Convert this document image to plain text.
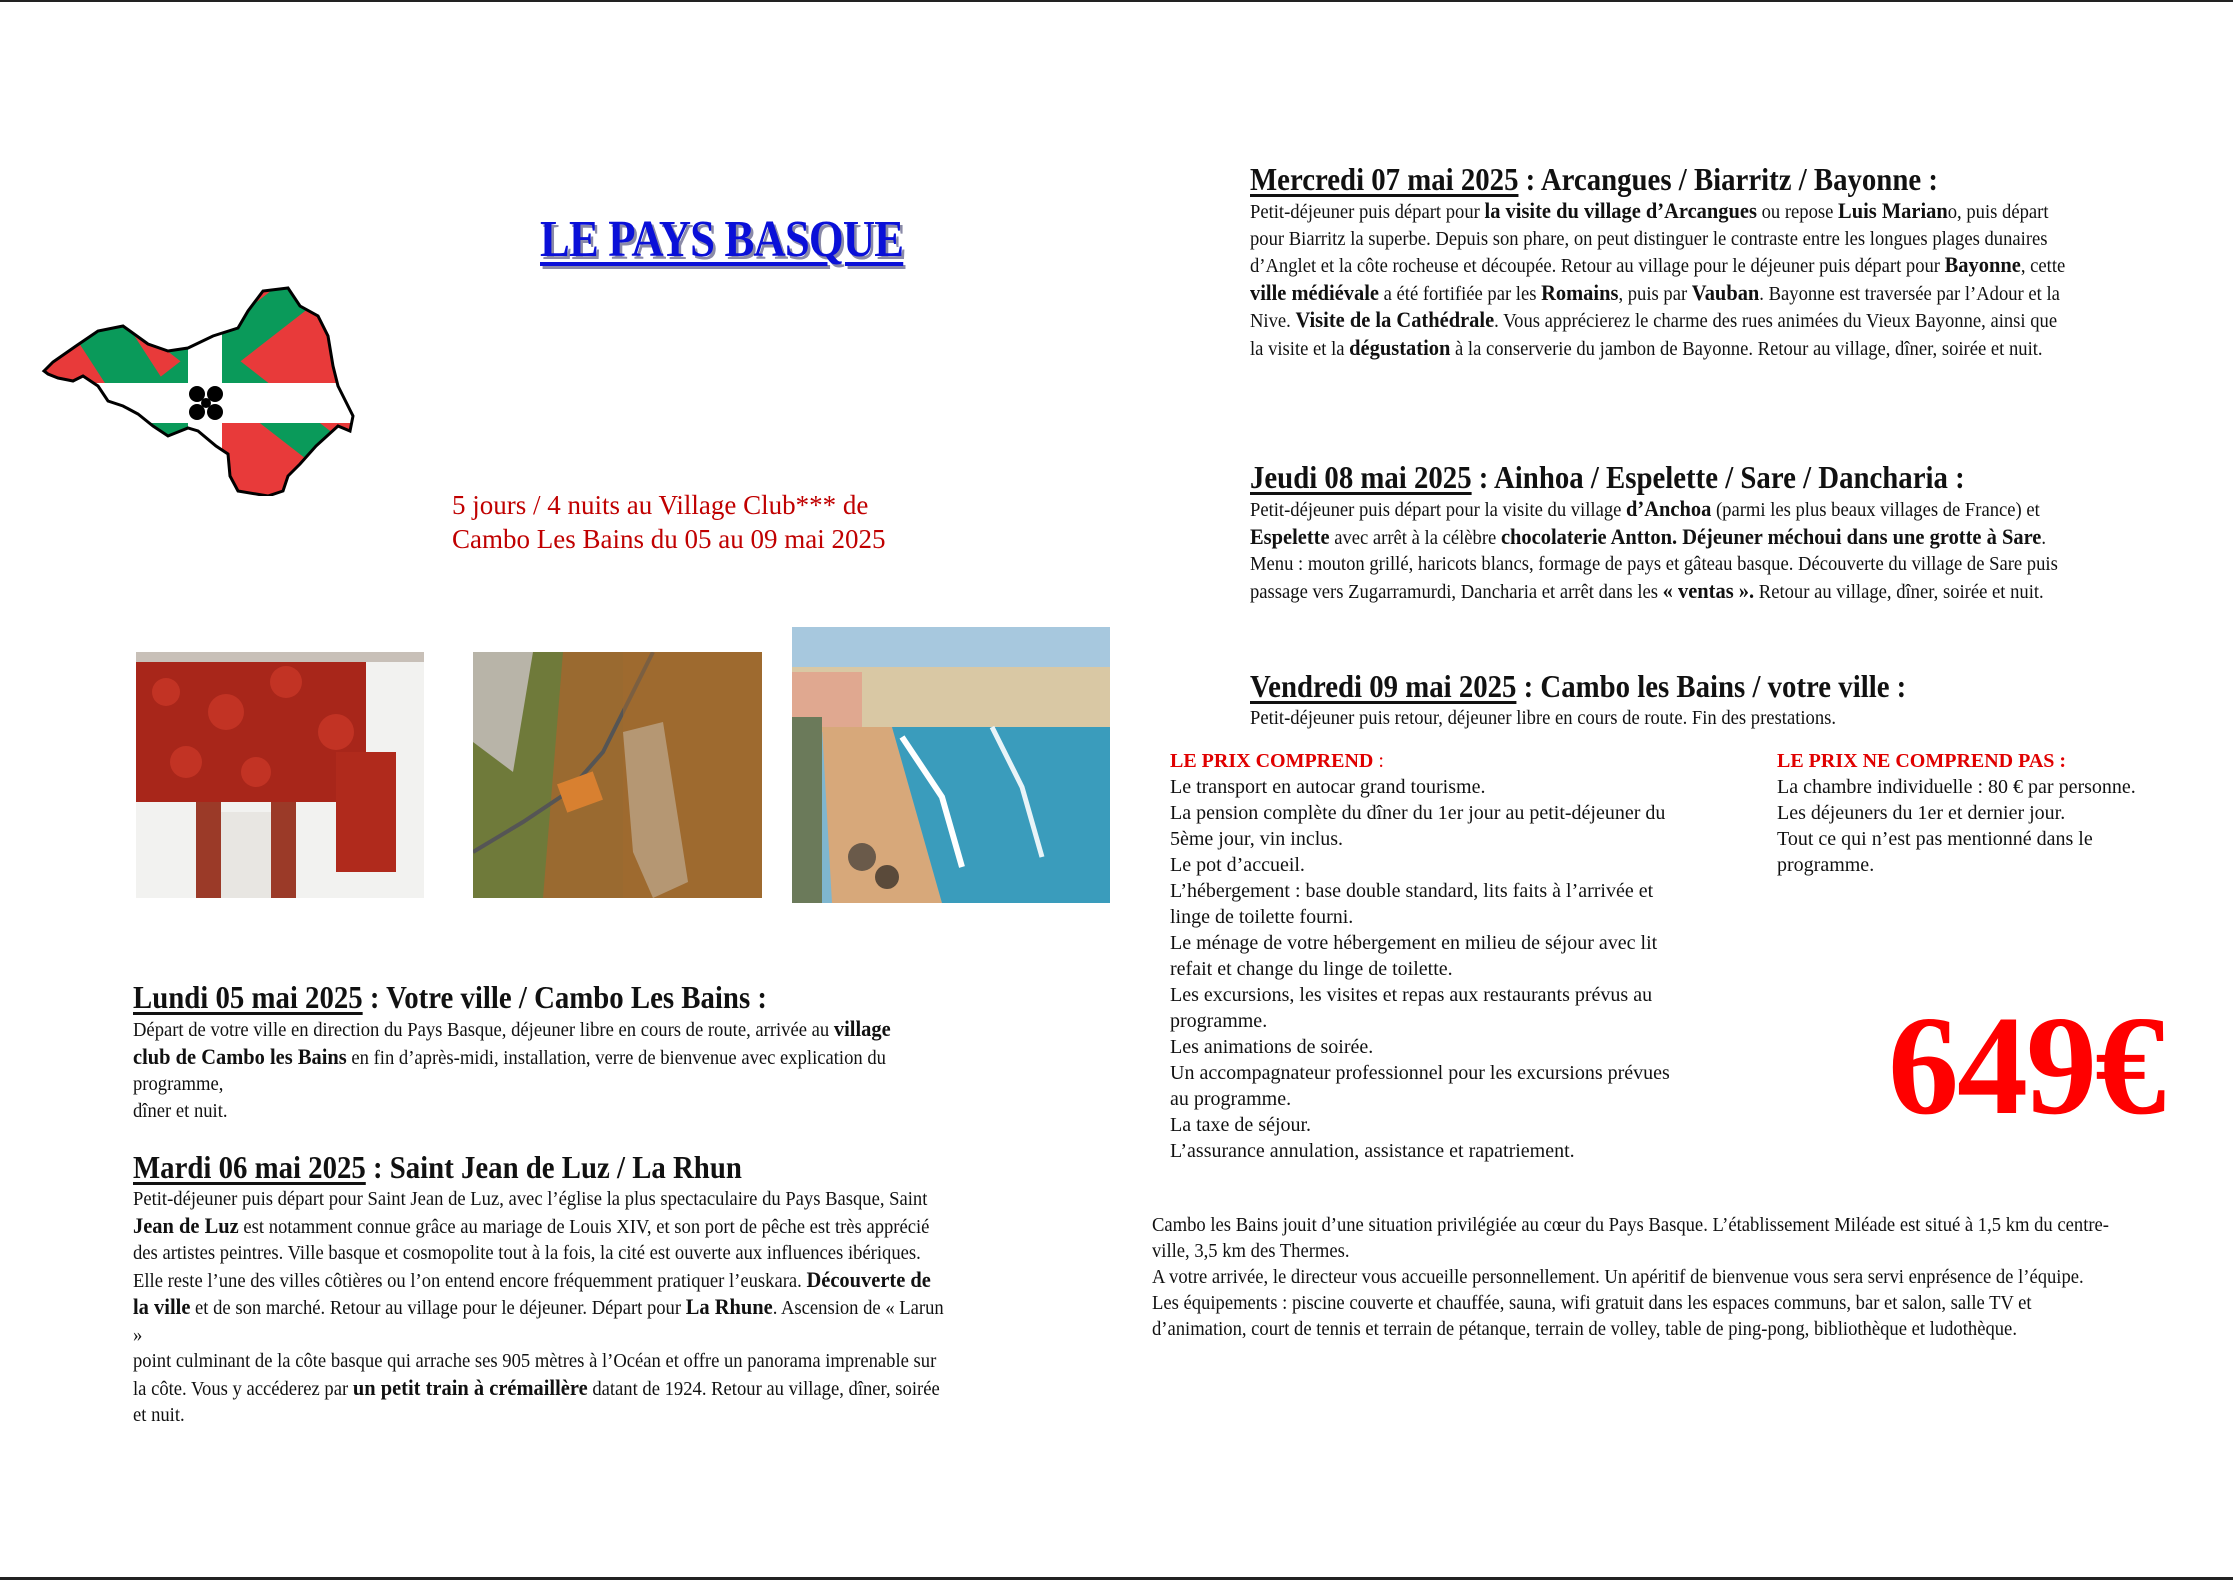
LE PAYS BASQUE
5 jours / 4 nuits au Village Club*** de
Cambo Les Bains du 05 au 09 mai 2025
Lundi 05 mai 2025 : Votre ville / Cambo Les Bains :

Départ de votre ville en direction du Pays Basque, déjeuner libre en cours de route, arrivée au village club de Cambo les Bains en fin d’après-midi, installation, verre de bienvenue avec explication du programme,
dîner et nuit.

Mardi 06 mai 2025 : Saint Jean de Luz / La Rhun

Petit-déjeuner puis départ pour Saint Jean de Luz, avec l’église la plus spectaculaire du Pays Basque, Saint Jean de Luz est notamment connue grâce au mariage de Louis XIV, et son port de pêche est très apprécié des artistes peintres. Ville basque et cosmopolite tout à la fois, la cité est ouverte aux influences ibériques. Elle reste l’une des villes côtières ou l’on entend encore fréquemment pratiquer l’euskara. Découverte de la ville et de son marché. Retour au village pour le déjeuner. Départ pour La Rhune. Ascension de « Larun »
point culminant de la côte basque qui arrache ses 905 mètres à l’Océan et offre un panorama imprenable sur la côte. Vous y accéderez par un petit train à crémaillère datant de 1924. Retour au village, dîner, soirée et nuit.

Mercredi 07 mai 2025 : Arcangues / Biarritz / Bayonne :

Petit-déjeuner puis départ pour la visite du village d’Arcangues ou repose Luis Mariano, puis départ pour Biarritz la superbe. Depuis son phare, on peut distinguer le contraste entre les longues plages dunaires d’Anglet et la côte rocheuse et découpée. Retour au village pour le déjeuner puis départ pour Bayonne, cette ville médiévale a été fortifiée par les Romains, puis par Vauban. Bayonne est traversée par l’Adour et la Nive. Visite de la Cathédrale. Vous apprécierez le charme des rues animées du Vieux Bayonne, ainsi que la visite et la dégustation à la conserverie du jambon de Bayonne. Retour au village, dîner, soirée et nuit.

Jeudi 08 mai 2025 : Ainhoa / Espelette / Sare / Dancharia :

Petit-déjeuner puis départ pour la visite du village d’Anchoa (parmi les plus beaux villages de France) et Espelette avec arrêt à la célèbre chocolaterie Antton. Déjeuner méchoui dans une grotte à Sare. Menu : mouton grillé, haricots blancs, formage de pays et gâteau basque. Découverte du village de Sare puis passage vers Zugarramurdi, Dancharia et arrêt dans les « ventas ». Retour au village, dîner, soirée et nuit.

Vendredi 09 mai 2025 : Cambo les Bains / votre ville :

Petit-déjeuner puis retour, déjeuner libre en cours de route. Fin des prestations.

LE PRIX COMPREND :
Le transport en autocar grand tourisme.
La pension complète du dîner du 1er jour au petit-déjeuner du 5ème jour, vin inclus.
Le pot d’accueil.
L’hébergement : base double standard, lits faits à l’arrivée et linge de toilette fourni.
Le ménage de votre hébergement en milieu de séjour avec lit refait et change du linge de toilette.
Les excursions, les visites et repas aux restaurants prévus au programme.
Les animations de soirée.
Un accompagnateur professionnel pour les excursions prévues au programme.
La taxe de séjour.
L’assurance annulation, assistance et rapatriement.
LE PRIX NE COMPREND PAS :
La chambre individuelle : 80 € par personne.
Les déjeuners du 1er et dernier jour.
Tout ce qui n’est pas mentionné dans le programme.
649€

Cambo les Bains jouit d’une situation privilégiée au cœur du Pays Basque. L’établissement Miléade est situé à 1,5 km du centre-ville, 3,5 km des Thermes.

A votre arrivée, le directeur vous accueille personnellement. Un apéritif de bienvenue vous sera servi enprésence de l’équipe.

Les équipements : piscine couverte et chauffée, sauna, wifi gratuit dans les espaces communs, bar et salon, salle TV et d’animation, court de tennis et terrain de pétanque, terrain de volley, table de ping-pong, bibliothèque et ludothèque.
